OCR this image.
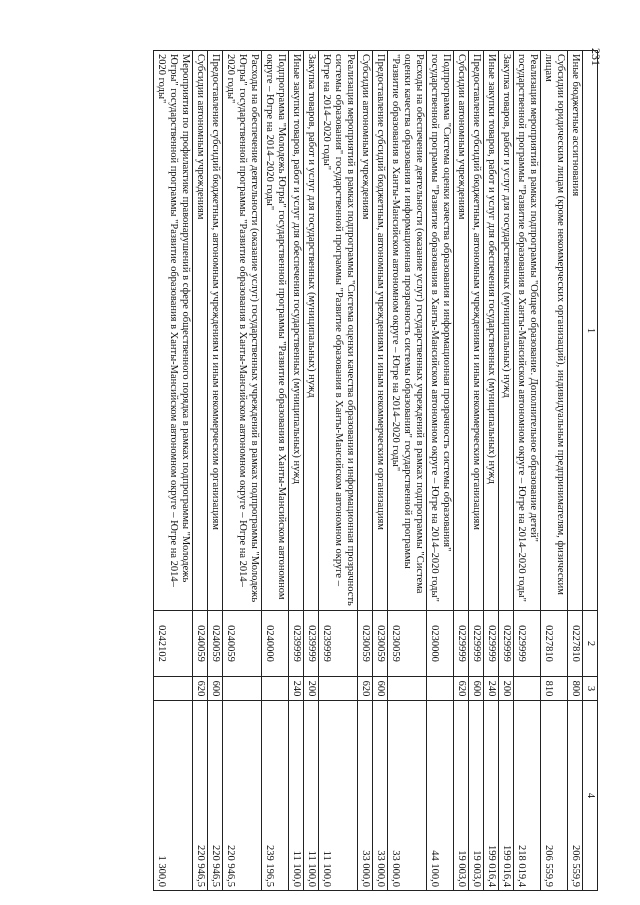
231
1	2	3	4
Иные бюджетные ассигнования	0227810	800	206 559,9
Субсидии юридическим лицам (кроме некоммерческих организаций), индивидуальным предпринимателям, физическим лицам	0227810	810	206 559,9
Реализация мероприятий в рамках подпрограммы "Общее образование. Дополнительное образование детей" государственной программы "Развитие образования в Ханты-Мансийском автономном округе – Югре на 2014–2020 годы"	0229999		218 019,4
Закупка товаров, работ и услуг для государственных (муниципальных) нужд	0229999	200	199 016,4
Иные закупки товаров, работ и услуг для обеспечения государственных (муниципальных) нужд	0229999	240	199 016,4
Предоставление субсидий бюджетным, автономным учреждениям и иным некоммерческим организациям	0229999	600	19 003,0
Субсидии автономным учреждениям	0229999	620	19 003,0
Подпрограмма "Система оценки качества образования и информационная прозрачность системы образования" государственной программы "Развитие образования в Ханты-Мансийском автономном округе – Югре на 2014–2020 годы"	0230000		44 100,0
Расходы на обеспечение деятельности (оказание услуг) государственных учреждений в рамках подпрограммы "Система оценки качества образования и информационная прозрачность системы образования" государственной программы "Развитие образования в Ханты-Мансийском автономном округе – Югре на 2014–2020 годы"	0230059		33 000,0
Предоставление субсидий бюджетным, автономным учреждениям и иным некоммерческим организациям	0230059	600	33 000,0
Субсидии автономным учреждениям	0230059	620	33 000,0
Реализация мероприятий в рамках подпрограммы "Система оценки качества образования и информационная прозрачность системы образования" государственной программы "Развитие образования в Ханты-Мансийском автономном округе – Югре на 2014–2020 годы"	0239999		11 100,0
Закупка товаров, работ и услуг для государственных (муниципальных) нужд	0239999	200	11 100,0
Иные закупки товаров, работ и услуг для обеспечения государственных (муниципальных) нужд	0239999	240	11 100,0
Подпрограмма "Молодежь Югры" государственной программы "Развитие образования в Ханты-Мансийском автономном округе – Югре на 2014–2020 годы"	0240000		239 196,5
Расходы на обеспечение деятельности (оказание услуг) государственных учреждений в рамках подпрограммы "Молодежь Югры" государственной программы "Развитие образования в Ханты-Мансийском автономном округе – Югре на 2014–2020 годы"	0240059		220 946,5
Предоставление субсидий бюджетным, автономным учреждениям и иным некоммерческим организациям	0240059	600	220 946,5
Субсидии автономным учреждениям	0240059	620	220 946,5
Мероприятия по профилактике правонарушений в сфере общественного порядка в рамках подпрограммы "Молодежь Югры" государственной программы "Развитие образования в Ханты-Мансийском автономном округе – Югре на 2014–2020 годы"	0242102		1 300,0
